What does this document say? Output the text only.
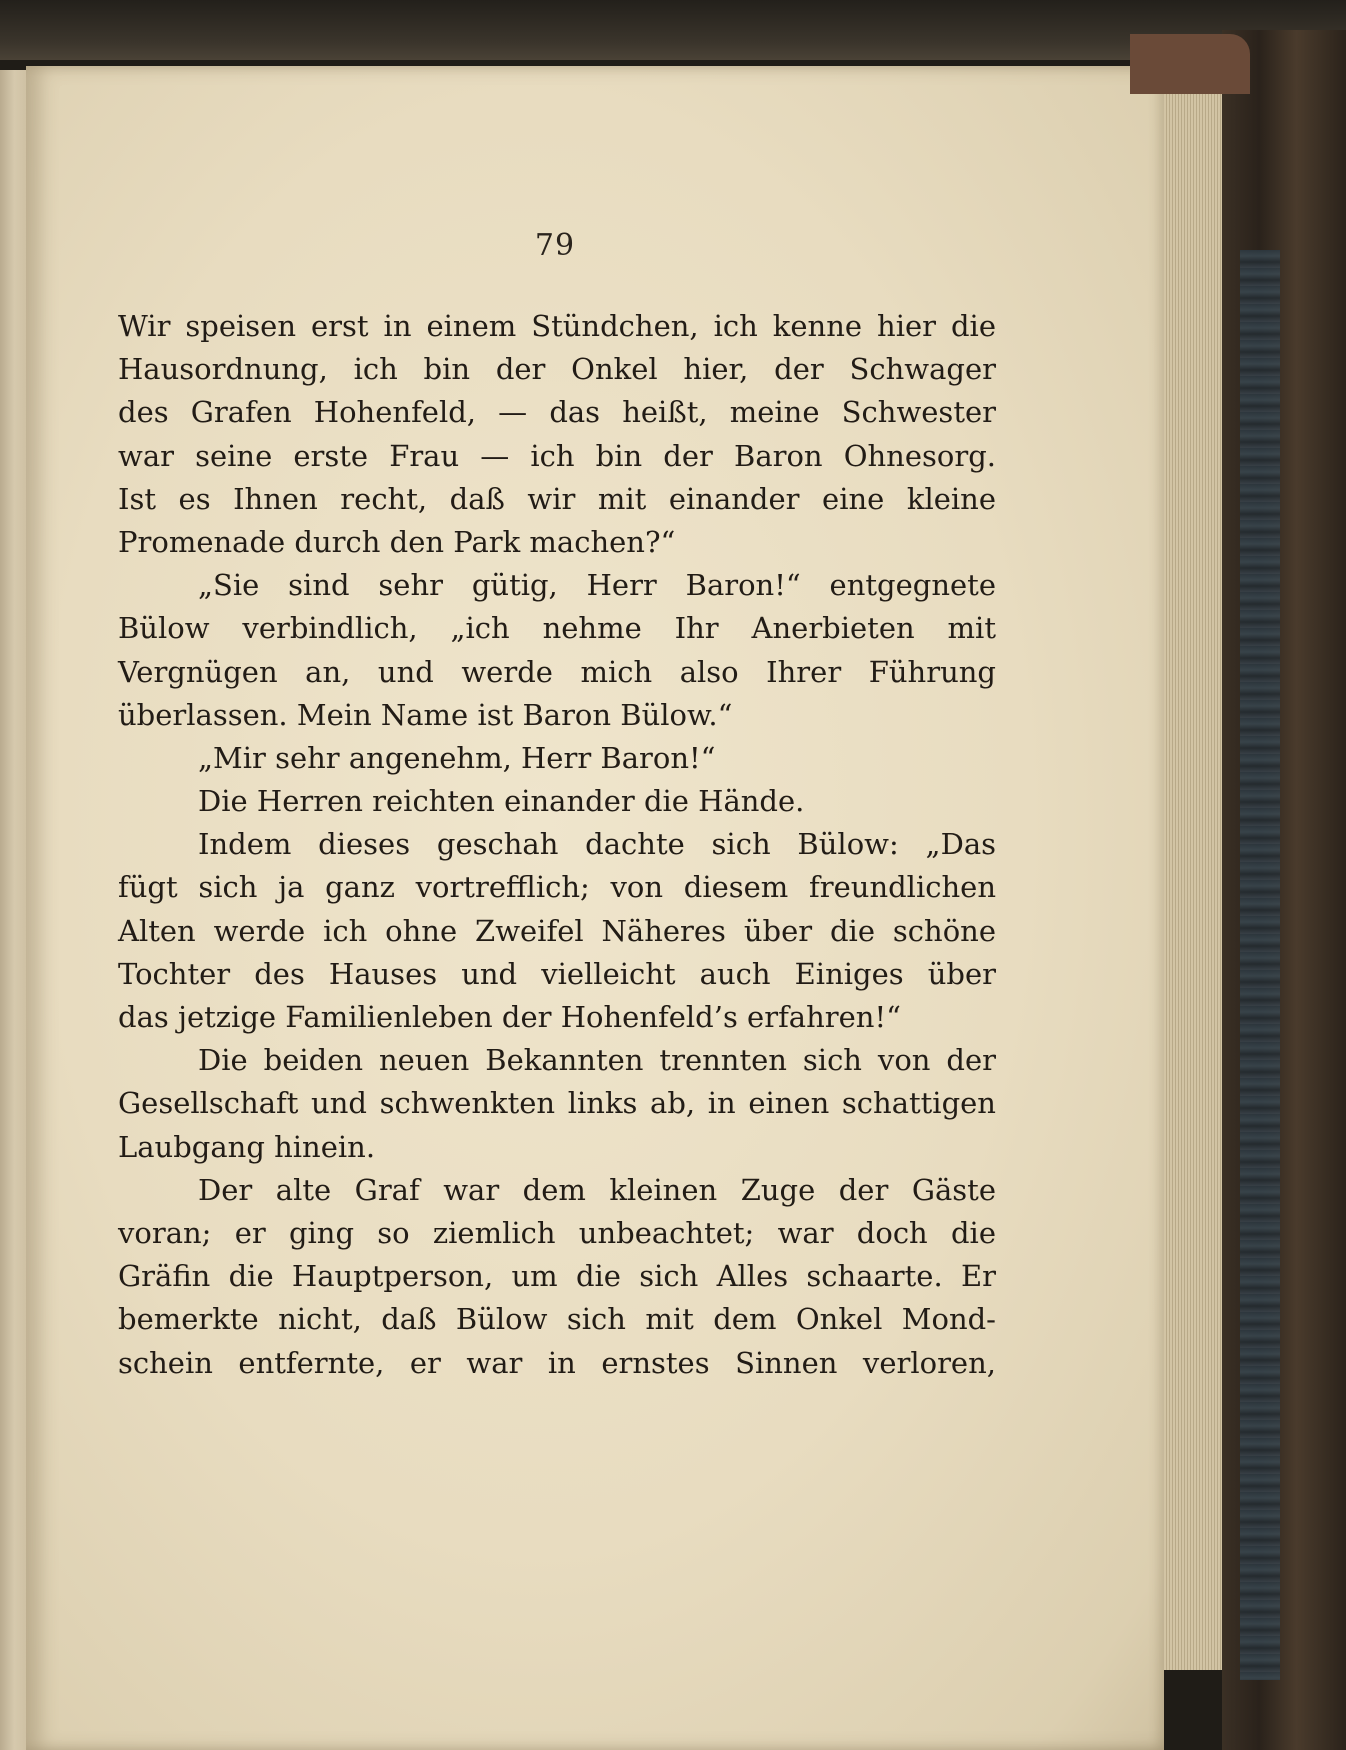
79
Wir speisen erst in einem Stündchen, ich kenne hier die
Hausordnung, ich bin der Onkel hier, der Schwager
des Grafen Hohenfeld, — das heißt, meine Schwester
war seine erste Frau — ich bin der Baron Ohnesorg.
Ist es Ihnen recht, daß wir mit einander eine kleine
Promenade durch den Park machen?“
„Sie sind sehr gütig, Herr Baron!“ entgegnete
Bülow verbindlich, „ich nehme Ihr Anerbieten mit
Vergnügen an, und werde mich also Ihrer Führung
überlassen. Mein Name ist Baron Bülow.“
„Mir sehr angenehm, Herr Baron!“
Die Herren reichten einander die Hände.
Indem dieses geschah dachte sich Bülow: „Das
fügt sich ja ganz vortrefflich; von diesem freundlichen
Alten werde ich ohne Zweifel Näheres über die schöne
Tochter des Hauses und vielleicht auch Einiges über
das jetzige Familienleben der Hohenfeld’s erfahren!“
Die beiden neuen Bekannten trennten sich von der
Gesellschaft und schwenkten links ab, in einen schattigen
Laubgang hinein.
Der alte Graf war dem kleinen Zuge der Gäste
voran; er ging so ziemlich unbeachtet; war doch die
Gräfin die Hauptperson, um die sich Alles schaarte. Er
bemerkte nicht, daß Bülow sich mit dem Onkel Mond-
schein entfernte, er war in ernstes Sinnen verloren,
